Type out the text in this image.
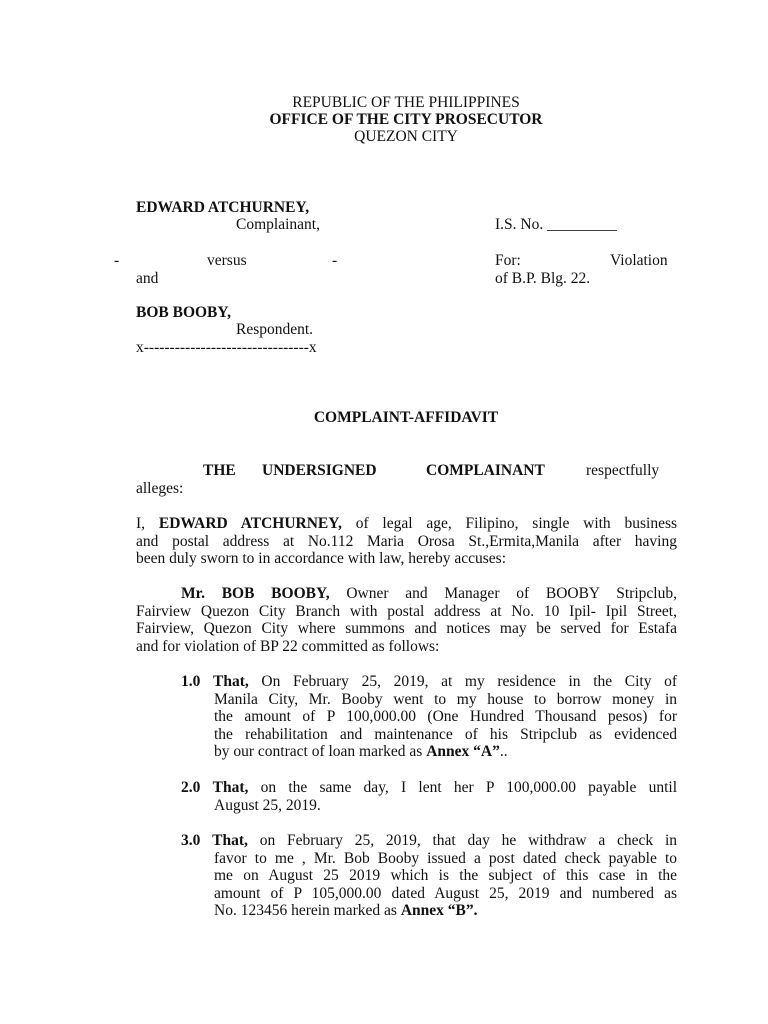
REPUBLIC OF THE PHILIPPINES
OFFICE OF THE CITY PROSECUTOR
QUEZON CITY
EDWARD ATCHURNEY,
Complainant,	I.S. No. _________
-	versus	-
and
For:	Violation
of B.P. Blg. 22.
BOB BOOBY,
Respondent.
x--------------------------------x
COMPLAINT-AFFIDAVIT
THE UNDERSIGNED	COMPLAINANT	respectfully
alleges:
I, EDWARD ATCHURNEY, of legal age, Filipino, single with business
and postal address at No.112 Maria Orosa St.,Ermita,Manila after having
been duly sworn to in accordance with law, hereby accuses:
Mr. BOB BOOBY, Owner and Manager of BOOBY Stripclub,
Fairview Quezon City Branch with postal address at No. 10 Ipil- Ipil Street,
Fairview, Quezon City where summons and notices may be served for Estafa
and for violation of BP 22 committed as follows:
1.0 That, On February 25, 2019, at my residence in the City of
Manila City, Mr. Booby went to my house to borrow money in
the amount of P 100,000.00 (One Hundred Thousand pesos) for
the rehabilitation and maintenance of his Stripclub as evidenced
by our contract of loan marked as Annex “A”..
2.0 That, on the same day, I lent her P 100,000.00 payable until
August 25, 2019.
3.0 That, on February 25, 2019, that day he withdraw a check in
favor to me , Mr. Bob Booby issued a post dated check payable to
me on August 25 2019 which is the subject of this case in the
amount of P 105,000.00 dated August 25, 2019 and numbered as
No. 123456 herein marked as Annex “B”.
